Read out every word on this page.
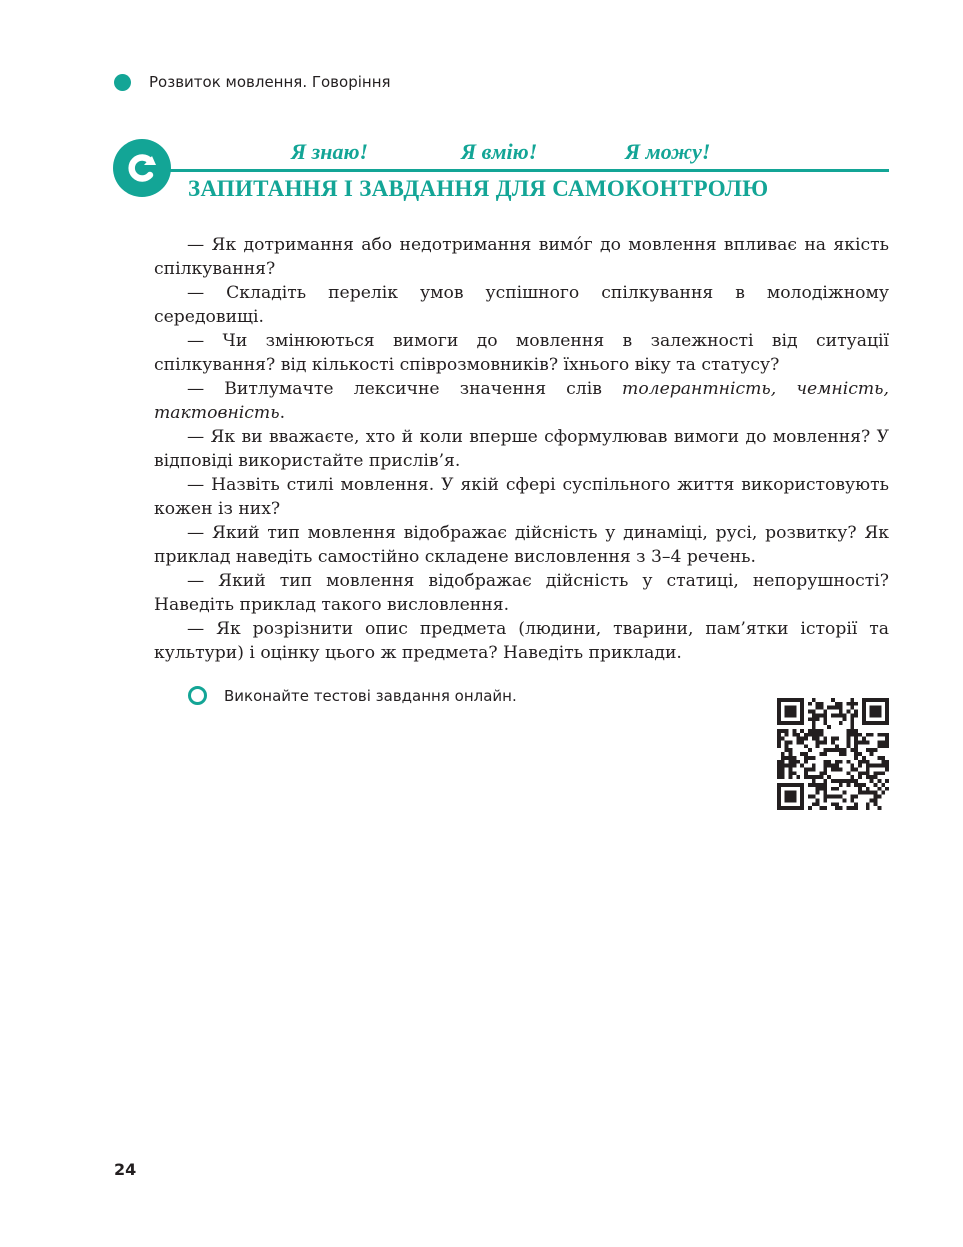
Розвиток мовлення. Говоріння
Я знаю!	Я вмію!	Я можу!
ЗАПИТАННЯ І ЗАВДАННЯ ДЛЯ САМОКОНТРОЛЮ

— Як дотримання або недотримання вимóг до мовлення впливає на якість спілкування?

— Складіть перелік умов успішного спілкування в молодіжному середовищі.

— Чи змінюються вимоги до мовлення в залежності від ситуації спілкування? від кількості співрозмовників? їхнього віку та статусу?

— Витлумачте лексичне значення слів толерантність, чемність, тактовність.

— Як ви вважаєте, хто й коли вперше сформулював вимоги до мовлення? У відповіді використайте прислів’я.

— Назвіть стилі мовлення. У якій сфері суспільного життя використовують кожен із них?

— Який тип мовлення відображає дійсність у динаміці, русі, розвитку? Як приклад наведіть самостійно складене висловлення з 3–4 речень.

— Який тип мовлення відображає дійсність у статиці, непорушності? Наведіть приклад такого висловлення.

— Як розрізнити опис предмета (людини, тварини, пам’ятки історії та культури) і оцінку цього ж предмета? Наведіть приклади.

Виконайте тестові завдання онлайн.
24
